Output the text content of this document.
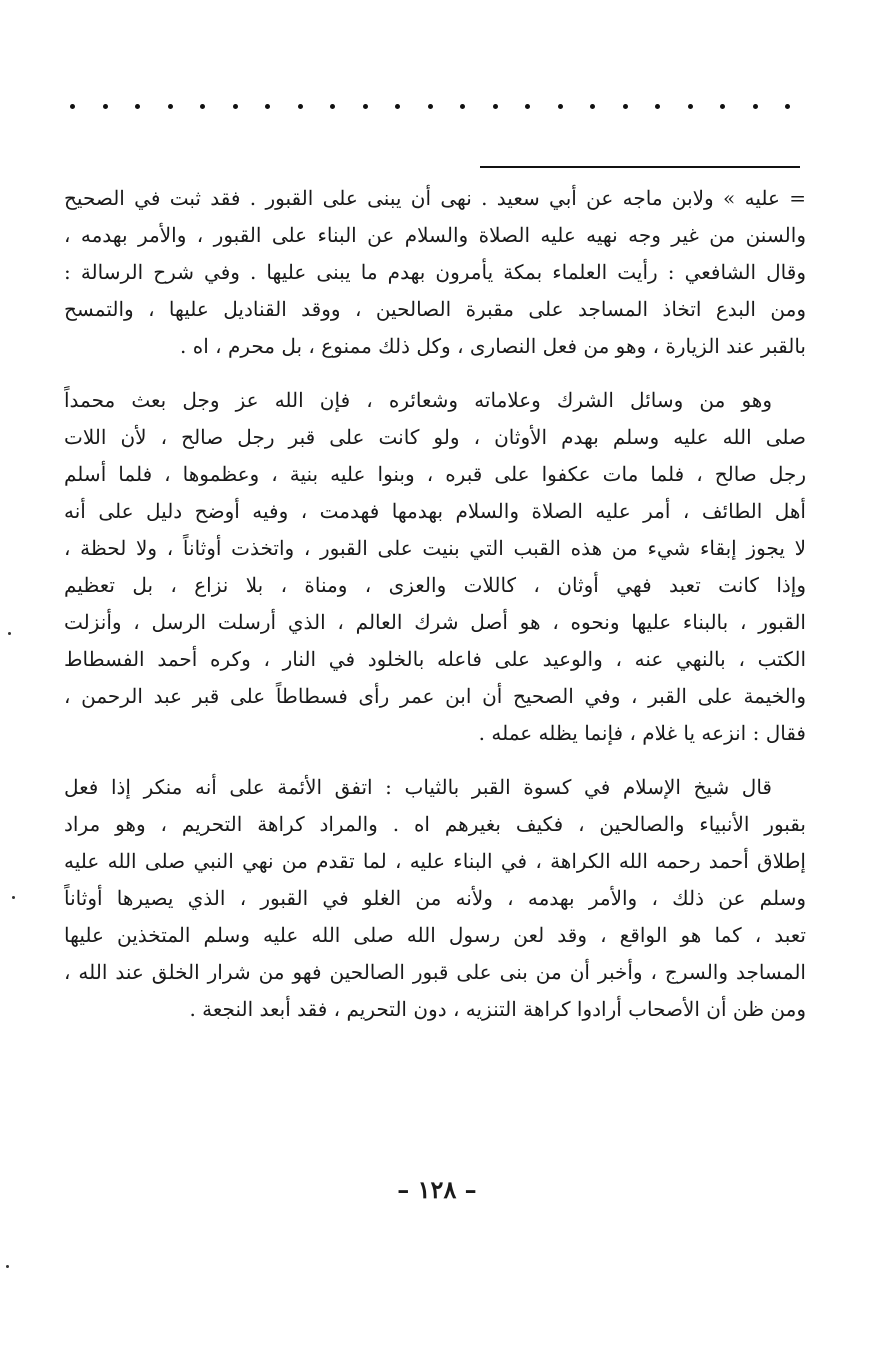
= عليه » ولابن ماجه عن أبي سعيد . نهى أن يبنى على القبور . فقد ثبت في الصحيح
والسنن من غير وجه نهيه عليه الصلاة والسلام عن البناء على القبور ، والأمر بهدمه ،
وقال الشافعي : رأيت العلماء بمكة يأمرون بهدم ما يبنى عليها . وفي شرح الرسالة :
ومن البدع اتخاذ المساجد على مقبرة الصالحين ، ووقد القناديل عليها ، والتمسح
بالقبر عند الزيارة ، وهو من فعل النصارى ، وكل ذلك ممنوع ، بل محرم ، اه .
وهو من وسائل الشرك وعلاماته وشعائره ، فإن الله عز وجل بعث محمداً
صلى الله عليه وسلم بهدم الأوثان ، ولو كانت على قبر رجل صالح ، لأن اللات
رجل صالح ، فلما مات عكفوا على قبره ، وبنوا عليه بنية ، وعظموها ، فلما أسلم
أهل الطائف ، أمر عليه الصلاة والسلام بهدمها فهدمت ، وفيه أوضح دليل على أنه
لا يجوز إبقاء شيء من هذه القبب التي بنيت على القبور ، واتخذت أوثاناً ، ولا لحظة ،
وإذا كانت تعبد فهي أوثان ، كاللات والعزى ، ومناة ، بلا نزاع ، بل تعظيم
القبور ، بالبناء عليها ونحوه ، هو أصل شرك العالم ، الذي أرسلت الرسل ، وأنزلت
الكتب ، بالنهي عنه ، والوعيد على فاعله بالخلود في النار ، وكره أحمد الفسطاط
والخيمة على القبر ، وفي الصحيح أن ابن عمر رأى فسطاطاً على قبر عبد الرحمن ،
فقال : انزعه يا غلام ، فإنما يظله عمله .
قال شيخ الإسلام في كسوة القبر بالثياب : اتفق الأئمة على أنه منكر إذا فعل
بقبور الأنبياء والصالحين ، فكيف بغيرهم اه . والمراد كراهة التحريم ، وهو مراد
إطلاق أحمد رحمه الله الكراهة ، في البناء عليه ، لما تقدم من نهي النبي صلى الله عليه
وسلم عن ذلك ، والأمر بهدمه ، ولأنه من الغلو في القبور ، الذي يصيرها أوثاناً
تعبد ، كما هو الواقع ، وقد لعن رسول الله صلى الله عليه وسلم المتخذين عليها
المساجد والسرج ، وأخبر أن من بنى على قبور الصالحين فهو من شرار الخلق عند الله ،
ومن ظن أن الأصحاب أرادوا كراهة التنزيه ، دون التحريم ، فقد أبعد النجعة .
– ١٢٨ –
